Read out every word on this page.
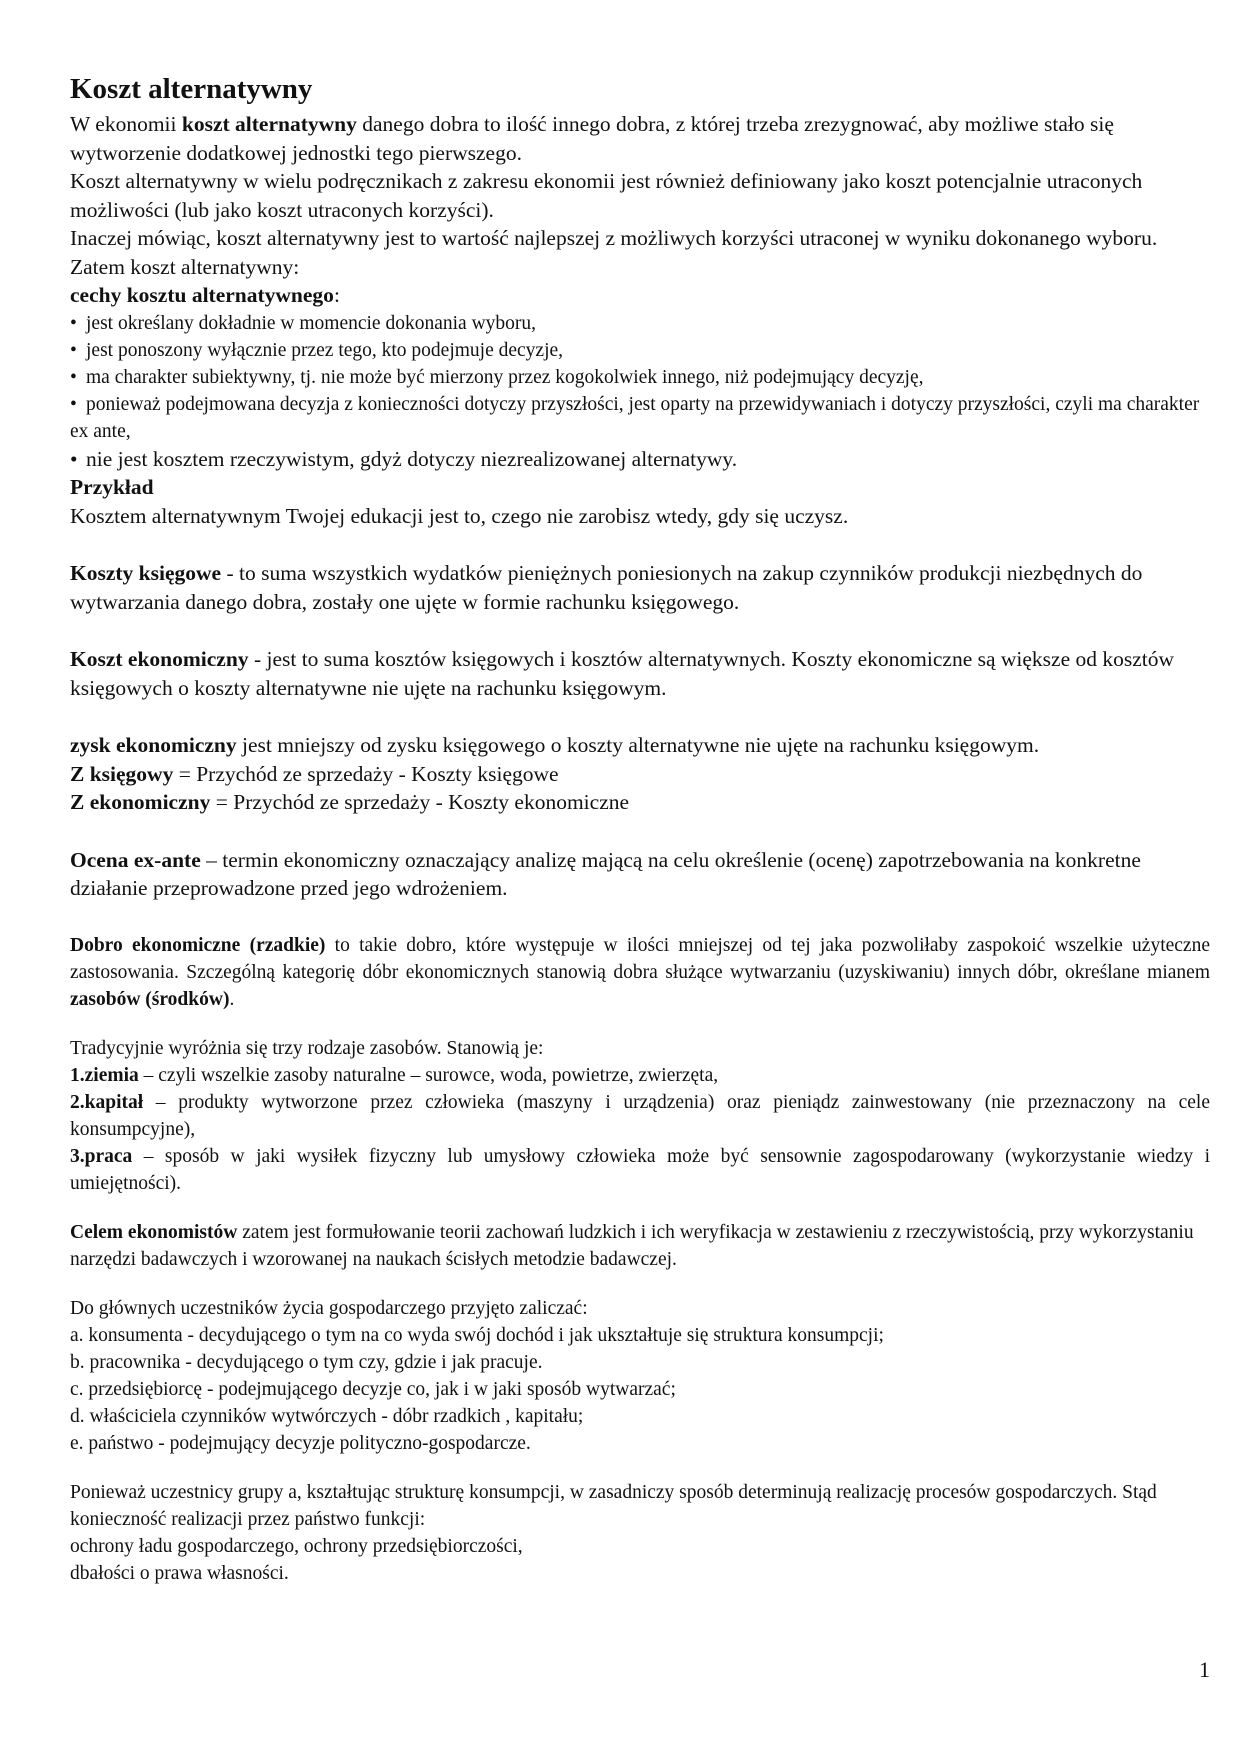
Koszt alternatywny

W ekonomii koszt alternatywny danego dobra to ilość innego dobra, z której trzeba zrezygnować, aby możliwe stało się wytworzenie dodatkowej jednostki tego pierwszego.

Koszt alternatywny w wielu podręcznikach z zakresu ekonomii jest również definiowany jako koszt potencjalnie utraconych możliwości (lub jako koszt utraconych korzyści).

Inaczej mówiąc, koszt alternatywny jest to wartość najlepszej z możliwych korzyści utraconej w wyniku dokonanego wyboru. Zatem koszt alternatywny:

cechy kosztu alternatywnego:

• jest określany dokładnie w momencie dokonania wyboru,
• jest ponoszony wyłącznie przez tego, kto podejmuje decyzje,
• ma charakter subiektywny, tj. nie może być mierzony przez kogokolwiek innego, niż podejmujący decyzję,
• ponieważ podejmowana decyzja z konieczności dotyczy przyszłości, jest oparty na przewidywaniach i dotyczy przyszłości, czyli ma charakter ex ante,

• nie jest kosztem rzeczywistym, gdyż dotyczy niezrealizowanej alternatywy.

Przykład

Kosztem alternatywnym Twojej edukacji jest to, czego nie zarobisz wtedy, gdy się uczysz.

Koszty księgowe - to suma wszystkich wydatków pieniężnych poniesionych na zakup czynników produkcji niezbędnych do wytwarzania danego dobra, zostały one ujęte w formie rachunku księgowego.

Koszt ekonomiczny - jest to suma kosztów księgowych i kosztów alternatywnych. Koszty ekonomiczne są większe od kosztów księgowych o koszty alternatywne nie ujęte na rachunku księgowym.

zysk ekonomiczny jest mniejszy od zysku księgowego o koszty alternatywne nie ujęte na rachunku księgowym.

Z księgowy = Przychód ze sprzedaży - Koszty księgowe

Z ekonomiczny = Przychód ze sprzedaży - Koszty ekonomiczne

Ocena ex-ante – termin ekonomiczny oznaczający analizę mającą na celu określenie (ocenę) zapotrzebowania na konkretne działanie przeprowadzone przed jego wdrożeniem.

Dobro ekonomiczne (rzadkie) to takie dobro, które występuje w ilości mniejszej od tej jaka pozwoliłaby zaspokoić wszelkie użyteczne zastosowania. Szczególną kategorię dóbr ekonomicznych stanowią dobra służące wytwarzaniu (uzyskiwaniu) innych dóbr, określane mianem zasobów (środków).

Tradycyjnie wyróżnia się trzy rodzaje zasobów. Stanowią je:

1.ziemia – czyli wszelkie zasoby naturalne – surowce, woda, powietrze, zwierzęta,

2.kapitał – produkty wytworzone przez człowieka (maszyny i urządzenia) oraz pieniądz zainwestowany (nie przeznaczony na cele konsumpcyjne),

3.praca – sposób w jaki wysiłek fizyczny lub umysłowy człowieka może być sensownie zagospodarowany (wykorzystanie wiedzy i umiejętności).

Celem ekonomistów zatem jest formułowanie teorii zachowań ludzkich i ich weryfikacja w zestawieniu z rzeczywistością, przy wykorzystaniu narzędzi badawczych i wzorowanej na naukach ścisłych metodzie badawczej.

Do głównych uczestników życia gospodarczego przyjęto zaliczać:

a. konsumenta - decydującego o tym na co wyda swój dochód i jak ukształtuje się struktura konsumpcji;

b. pracownika - decydującego o tym czy, gdzie i jak pracuje.

c. przedsiębiorcę - podejmującego decyzje co, jak i w jaki sposób wytwarzać;

d. właściciela czynników wytwórczych - dóbr rzadkich , kapitału;

e. państwo - podejmujący decyzje polityczno-gospodarcze.

Ponieważ uczestnicy grupy a, kształtując strukturę konsumpcji, w zasadniczy sposób determinują realizację procesów gospodarczych. Stąd konieczność realizacji przez państwo funkcji:

ochrony ładu gospodarczego, ochrony przedsiębiorczości,

dbałości o prawa własności.

1
